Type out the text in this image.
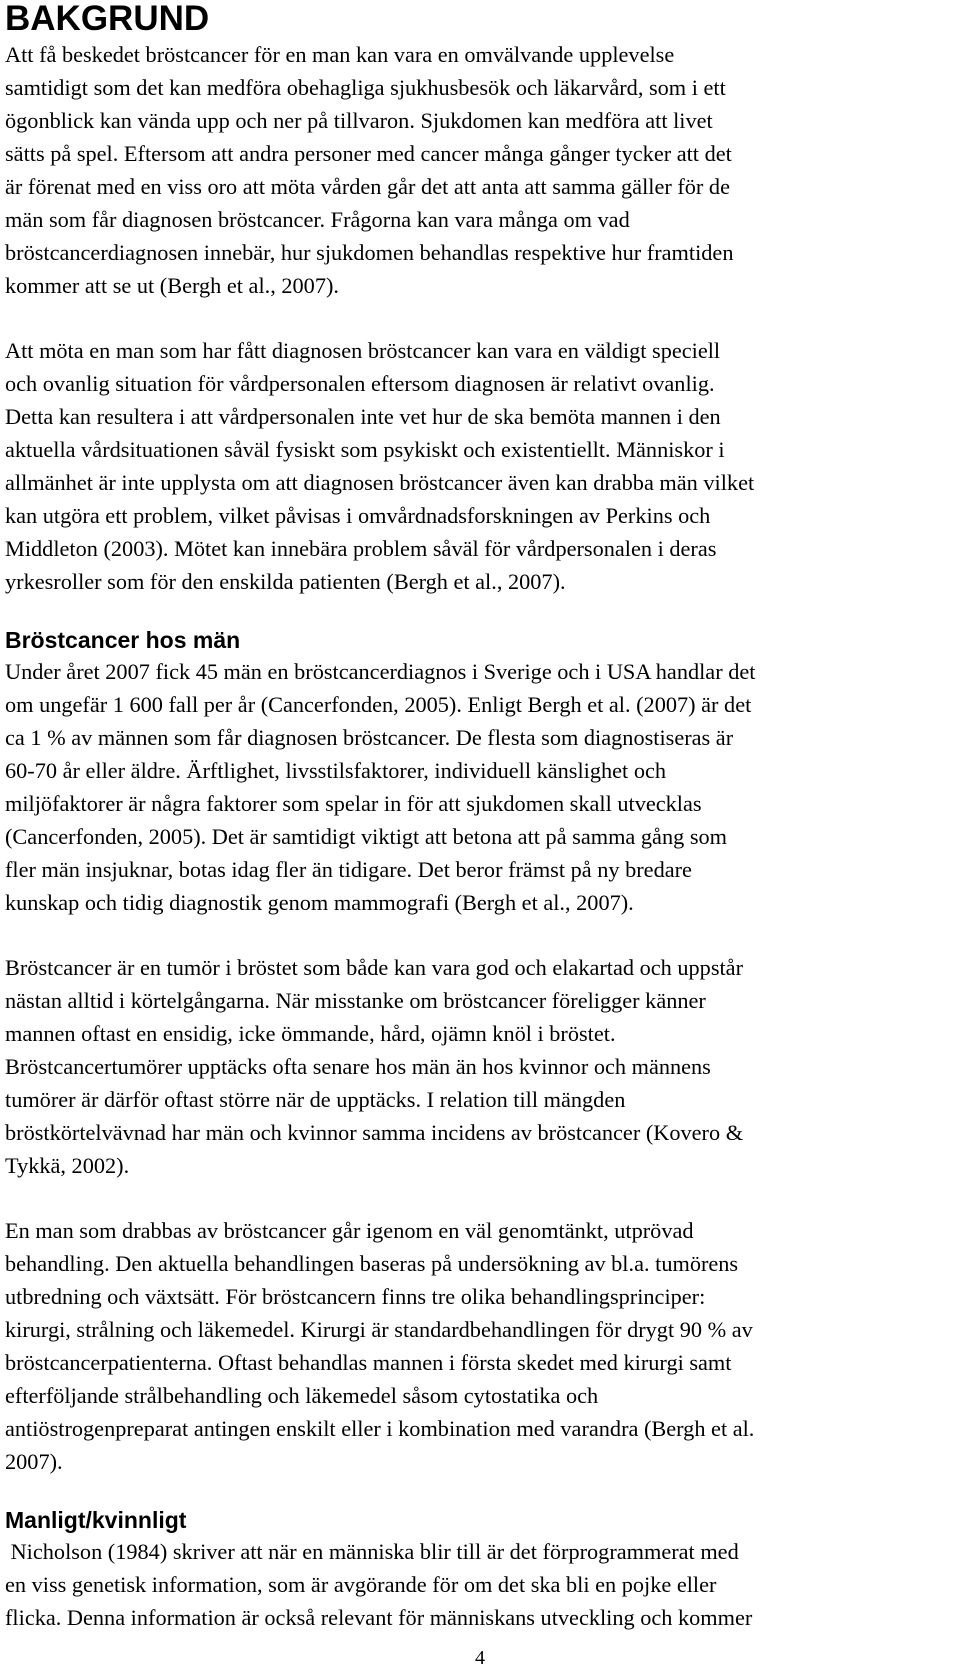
BAKGRUND
Att få beskedet bröstcancer för en man kan vara en omvälvande upplevelse
samtidigt som det kan medföra obehagliga sjukhusbesök och läkarvård, som i ett
ögonblick kan vända upp och ner på tillvaron. Sjukdomen kan medföra att livet
sätts på spel. Eftersom att andra personer med cancer många gånger tycker att det
är förenat med en viss oro att möta vården går det att anta att samma gäller för de
män som får diagnosen bröstcancer. Frågorna kan vara många om vad
bröstcancerdiagnosen innebär, hur sjukdomen behandlas respektive hur framtiden
kommer att se ut (Bergh et al., 2007).
Att möta en man som har fått diagnosen bröstcancer kan vara en väldigt speciell
och ovanlig situation för vårdpersonalen eftersom diagnosen är relativt ovanlig.
Detta kan resultera i att vårdpersonalen inte vet hur de ska bemöta mannen i den
aktuella vårdsituationen såväl fysiskt som psykiskt och existentiellt. Människor i
allmänhet är inte upplysta om att diagnosen bröstcancer även kan drabba män vilket
kan utgöra ett problem, vilket påvisas i omvårdnadsforskningen av Perkins och
Middleton (2003). Mötet kan innebära problem såväl för vårdpersonalen i deras
yrkesroller som för den enskilda patienten (Bergh et al., 2007).
Bröstcancer hos män
Under året 2007 fick 45 män en bröstcancerdiagnos i Sverige och i USA handlar det
om ungefär 1 600 fall per år (Cancerfonden, 2005). Enligt Bergh et al. (2007) är det
ca 1 % av männen som får diagnosen bröstcancer. De flesta som diagnostiseras är
60-70 år eller äldre. Ärftlighet, livsstilsfaktorer, individuell känslighet och
miljöfaktorer är några faktorer som spelar in för att sjukdomen skall utvecklas
(Cancerfonden, 2005). Det är samtidigt viktigt att betona att på samma gång som
fler män insjuknar, botas idag fler än tidigare. Det beror främst på ny bredare
kunskap och tidig diagnostik genom mammografi (Bergh et al., 2007).
Bröstcancer är en tumör i bröstet som både kan vara god och elakartad och uppstår
nästan alltid i körtelgångarna. När misstanke om bröstcancer föreligger känner
mannen oftast en ensidig, icke ömmande, hård, ojämn knöl i bröstet.
Bröstcancertumörer upptäcks ofta senare hos män än hos kvinnor och männens
tumörer är därför oftast större när de upptäcks. I relation till mängden
bröstkörtelvävnad har män och kvinnor samma incidens av bröstcancer (Kovero &
Tykkä, 2002).
En man som drabbas av bröstcancer går igenom en väl genomtänkt, utprövad
behandling. Den aktuella behandlingen baseras på undersökning av bl.a. tumörens
utbredning och växtsätt. För bröstcancern finns tre olika behandlingsprinciper:
kirurgi, strålning och läkemedel. Kirurgi är standardbehandlingen för drygt 90 % av
bröstcancerpatienterna. Oftast behandlas mannen i första skedet med kirurgi samt
efterföljande strålbehandling och läkemedel såsom cytostatika och
antiöstrogenpreparat antingen enskilt eller i kombination med varandra (Bergh et al.
2007).
Manligt/kvinnligt
Nicholson (1984) skriver att när en människa blir till är det förprogrammerat med
en viss genetisk information, som är avgörande för om det ska bli en pojke eller
flicka. Denna information är också relevant för människans utveckling och kommer
4
